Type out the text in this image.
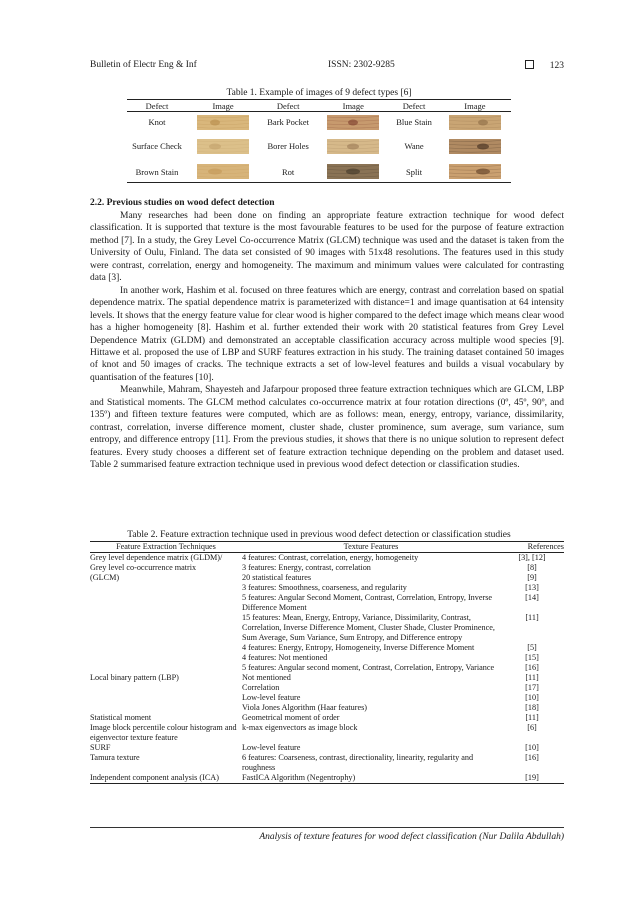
Bulletin of Electr Eng & Inf	ISSN: 2302-9285	123
Table 1. Example of images of 9 defect types [6]
Defect	Image	Defect	Image	Defect	Image
Knot		Bark Pocket		Blue Stain	

Surface Check		Borer Holes		Wane	

Brown Stain		Rot		Split	
2.2. Previous studies on wood defect detection

Many researches had been done on finding an appropriate feature extraction technique for wood defect classification. It is supported that texture is the most favourable features to be used for the purpose of feature extraction method [7]. In a study, the Grey Level Co-occurrence Matrix (GLCM) technique was used and the dataset is taken from the University of Oulu, Finland. The data set consisted of 90 images with 51x48 resolutions. The features used in this study were contrast, correlation, energy and homogeneity. The maximum and minimum values were calculated for contrasting data [3].

In another work, Hashim et al. focused on three features which are energy, contrast and correlation based on spatial dependence matrix. The spatial dependence matrix is parameterized with distance=1 and image quantisation at 64 intensity levels. It shows that the energy feature value for clear wood is higher compared to the defect image which means clear wood has a higher homogeneity [8]. Hashim et al. further extended their work with 20 statistical features from Grey Level Dependence Matrix (GLDM) and demonstrated an acceptable classification accuracy across multiple wood species [9]. Hittawe et al. proposed the use of LBP and SURF features extraction in his study. The training dataset contained 50 images of knot and 50 images of cracks. The technique extracts a set of low-level features and builds a visual vocabulary by quantisation of the features [10].

Meanwhile, Mahram, Shayesteh and Jafarpour proposed three feature extraction techniques which are GLCM, LBP and Statistical moments. The GLCM method calculates co-occurrence matrix at four rotation directions (0º, 45º, 90º, and 135º) and fifteen texture features were computed, which are as follows: mean, energy, entropy, variance, dissimilarity, contrast, correlation, inverse difference moment, cluster shade, cluster prominence, sum average, sum variance, sum entropy, and difference entropy [11]. From the previous studies, it shows that there is no unique solution to represent defect features. Every study chooses a different set of feature extraction technique depending on the problem and dataset used. Table 2 summarised feature extraction technique used in previous wood defect detection or classification studies.

Table 2. Feature extraction technique used in previous wood defect detection or classification studies
Feature Extraction Techniques	Texture Features	References
Grey level dependence matrix (GLDM)/	4 features: Contrast, correlation, energy, homogeneity	[3], [12]
Grey level co-occurrence matrix	3 features: Energy, contrast, correlation	[8]
(GLCM)	20 statistical features	[9]
	3 features: Smoothness, coarseness, and regularity	[13]
	5 features: Angular Second Moment, Contrast, Correlation, Entropy, Inverse Difference Moment	[14]
	15 features: Mean, Energy, Entropy, Variance, Dissimilarity, Contrast, Correlation, Inverse Difference Moment, Cluster Shade, Cluster Prominence, Sum Average, Sum Variance, Sum Entropy, and Difference entropy	[11]
	4 features: Energy, Entropy, Homogeneity, Inverse Difference Moment	[5]
	4 features: Not mentioned	[15]
	5 features: Angular second moment, Contrast, Correlation, Entropy, Variance	[16]
Local binary pattern (LBP)	Not mentioned	[11]
	Correlation	[17]
	Low-level feature	[10]
	Viola Jones Algorithm (Haar features)	[18]
Statistical moment	Geometrical moment of order	[11]
Image block percentile colour histogram and eigenvector texture feature	k-max eigenvectors as image block	[6]
SURF	Low-level feature	[10]
Tamura texture	6 features: Coarseness, contrast, directionality, linearity, regularity and roughness	[16]
Independent component analysis (ICA)	FastICA Algorithm (Negentrophy)	[19]
Analysis of texture features for wood defect classification (Nur Dalila Abdullah)
